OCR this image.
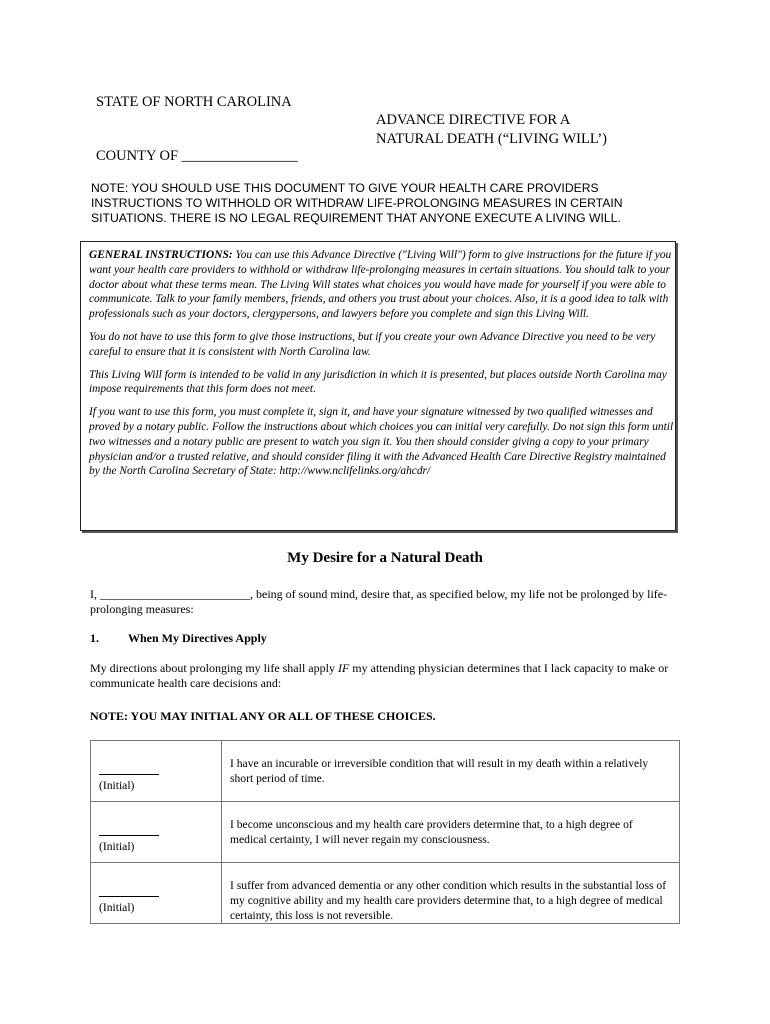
STATE OF NORTH CAROLINA
ADVANCE DIRECTIVE FOR A
NATURAL DEATH (“LIVING WILL’)
COUNTY OF ________________
NOTE: YOU SHOULD USE THIS DOCUMENT TO GIVE YOUR HEALTH CARE PROVIDERS INSTRUCTIONS TO WITHHOLD OR WITHDRAW LIFE-PROLONGING MEASURES IN CERTAIN SITUATIONS. THERE IS NO LEGAL REQUIREMENT THAT ANYONE EXECUTE A LIVING WILL.

GENERAL INSTRUCTIONS: You can use this Advance Directive ("Living Will") form to give instructions for the future if you want your health care providers to withhold or withdraw life-prolonging measures in certain situations. You should talk to your doctor about what these terms mean. The Living Will states what choices you would have made for yourself if you were able to communicate. Talk to your family members, friends, and others you trust about your choices. Also, it is a good idea to talk with professionals such as your doctors, clergypersons, and lawyers before you complete and sign this Living Will.

You do not have to use this form to give those instructions, but if you create your own Advance Directive you need to be very careful to ensure that it is consistent with North Carolina law.

This Living Will form is intended to be valid in any jurisdiction in which it is presented, but places outside North Carolina may impose requirements that this form does not meet.

If you want to use this form, you must complete it, sign it, and have your signature witnessed by two qualified witnesses and proved by a notary public. Follow the instructions about which choices you can initial very carefully. Do not sign this form until two witnesses and a notary public are present to watch you sign it. You then should consider giving a copy to your primary physician and/or a trusted relative, and should consider filing it with the Advanced Health Care Directive Registry maintained by the North Carolina Secretary of State: http://www.nclifelinks.org/ahcdr/

My Desire for a Natural Death
I, _________________________, being of sound mind, desire that, as specified below, my life not be prolonged by life-prolonging measures:
1. When My Directives Apply
My directions about prolonging my life shall apply IF my attending physician determines that I lack capacity to make or communicate health care decisions and:
NOTE: YOU MAY INITIAL ANY OR ALL OF THESE CHOICES.
(Initial)	I have an incurable or irreversible condition that will result in my death within a relatively short period of time.

(Initial)	I become unconscious and my health care providers determine that, to a high degree of medical certainty, I will never regain my consciousness.

(Initial)	I suffer from advanced dementia or any other condition which results in the substantial loss of my cognitive ability and my health care providers determine that, to a high degree of medical certainty, this loss is not reversible.
